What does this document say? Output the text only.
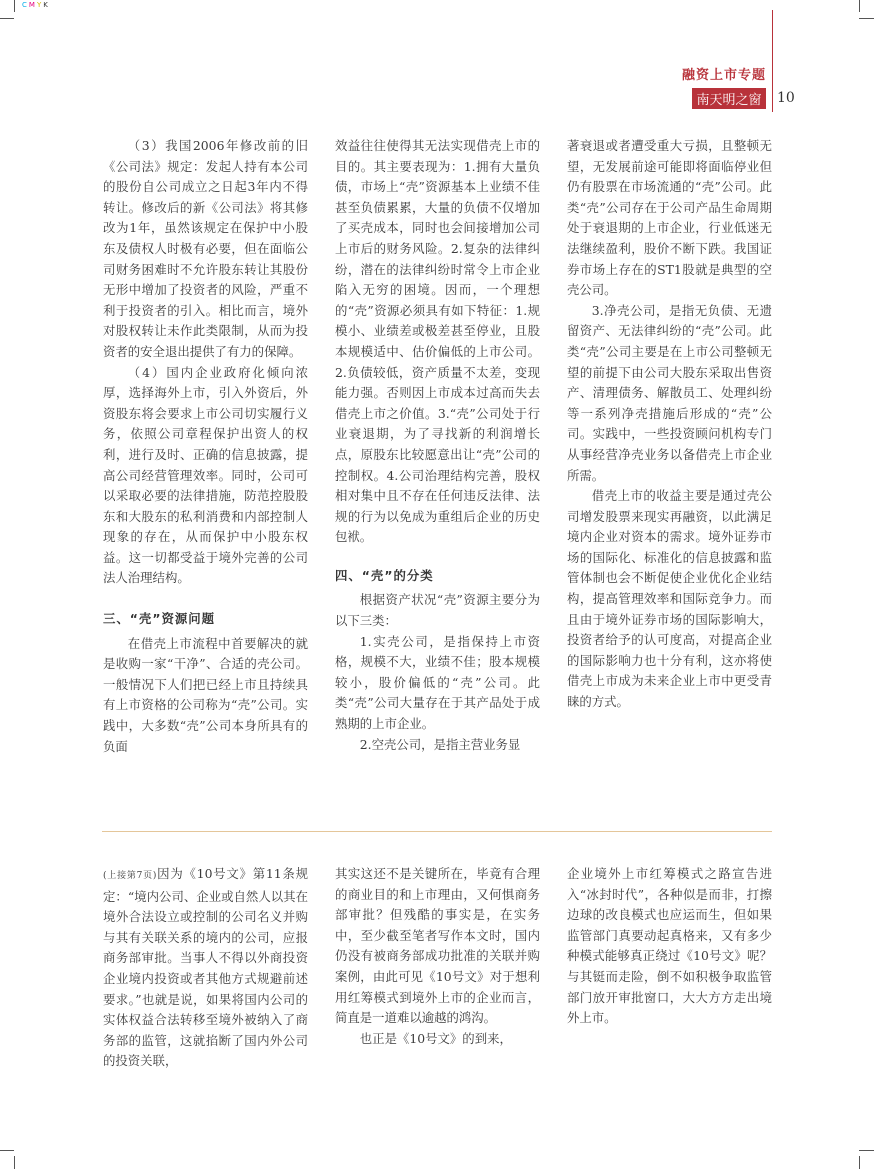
CMYK
融资上市专题
南天明之窗	10

（3）我国2006年修改前的旧《公司法》规定：发起人持有本公司的股份自公司成立之日起3年内不得转让。修改后的新《公司法》将其修改为1年，虽然该规定在保护中小股东及债权人时极有必要，但在面临公司财务困难时不允许股东转让其股份无形中增加了投资者的风险，严重不利于投资者的引入。相比而言，境外对股权转让未作此类限制，从而为投资者的安全退出提供了有力的保障。

（4）国内企业政府化倾向浓厚，选择海外上市，引入外资后，外资股东将会要求上市公司切实履行义务，依照公司章程保护出资人的权利，进行及时、正确的信息披露，提高公司经营管理效率。同时，公司可以采取必要的法律措施，防范控股股东和大股东的私利消费和内部控制人现象的存在，从而保护中小股东权益。这一切都受益于境外完善的公司法人治理结构。

三、“壳”资源问题

在借壳上市流程中首要解决的就是收购一家“干净”、合适的壳公司。一般情况下人们把已经上市且持续具有上市资格的公司称为“壳”公司。实践中，大多数“壳”公司本身所具有的负面

效益往往使得其无法实现借壳上市的目的。其主要表现为：1.拥有大量负债，市场上“壳”资源基本上业绩不佳甚至负债累累，大量的负债不仅增加了买壳成本，同时也会间接增加公司上市后的财务风险。2.复杂的法律纠纷，潜在的法律纠纷时常令上市企业陷入无穷的困境。因而，一个理想的“壳”资源必须具有如下特征：1.规模小、业绩差或极差甚至停业，且股本规模适中、估价偏低的上市公司。2.负债较低，资产质量不太差，变现能力强。否则因上市成本过高而失去借壳上市之价值。3.“壳”公司处于行业衰退期，为了寻找新的利润增长点，原股东比较愿意出让“壳”公司的控制权。4.公司治理结构完善，股权相对集中且不存在任何违反法律、法规的行为以免成为重组后企业的历史包袱。

四、“壳”的分类

根据资产状况“壳”资源主要分为以下三类：

1.实壳公司，是指保持上市资格，规模不大，业绩不佳；股本规模较小，股价偏低的“壳”公司。此类“壳”公司大量存在于其产品处于成熟期的上市企业。

2.空壳公司，是指主营业务显

著衰退或者遭受重大亏损，且整顿无望，无发展前途可能即将面临停业但仍有股票在市场流通的“壳”公司。此类“壳”公司存在于公司产品生命周期处于衰退期的上市企业，行业低迷无法继续盈利，股价不断下跌。我国证券市场上存在的ST1股就是典型的空壳公司。

3.净壳公司，是指无负债、无遗留资产、无法律纠纷的“壳”公司。此类“壳”公司主要是在上市公司整顿无望的前提下由公司大股东采取出售资产、清理债务、解散员工、处理纠纷等一系列净壳措施后形成的“壳”公司。实践中，一些投资顾问机构专门从事经营净壳业务以备借壳上市企业所需。

借壳上市的收益主要是通过壳公司增发股票来现实再融资，以此满足境内企业对资本的需求。境外证券市场的国际化、标准化的信息披露和监管体制也会不断促使企业优化企业结构，提高管理效率和国际竞争力。而且由于境外证券市场的国际影响大，投资者给予的认可度高，对提高企业的国际影响力也十分有利，这亦将使借壳上市成为未来企业上市中更受青睐的方式。

(上接第7页)因为《10号文》第11条规定：“境内公司、企业或自然人以其在境外合法设立或控制的公司名义并购与其有关联关系的境内的公司，应报商务部审批。当事人不得以外商投资企业境内投资或者其他方式规避前述要求。”也就是说，如果将国内公司的实体权益合法转移至境外被纳入了商务部的监管，这就掐断了国内外公司的投资关联，

其实这还不是关键所在，毕竟有合理的商业目的和上市理由，又何惧商务部审批？但残酷的事实是，在实务中，至少截至笔者写作本文时，国内仍没有被商务部成功批准的关联并购案例，由此可见《10号文》对于想利用红筹模式到境外上市的企业而言，简直是一道难以逾越的鸿沟。

也正是《10号文》的到来，

企业境外上市红筹模式之路宣告进入“冰封时代”，各种似是而非，打擦边球的改良模式也应运而生，但如果监管部门真要动起真格来，又有多少种模式能够真正绕过《10号文》呢？与其铤而走险，倒不如积极争取监管部门放开审批窗口，大大方方走出境外上市。
